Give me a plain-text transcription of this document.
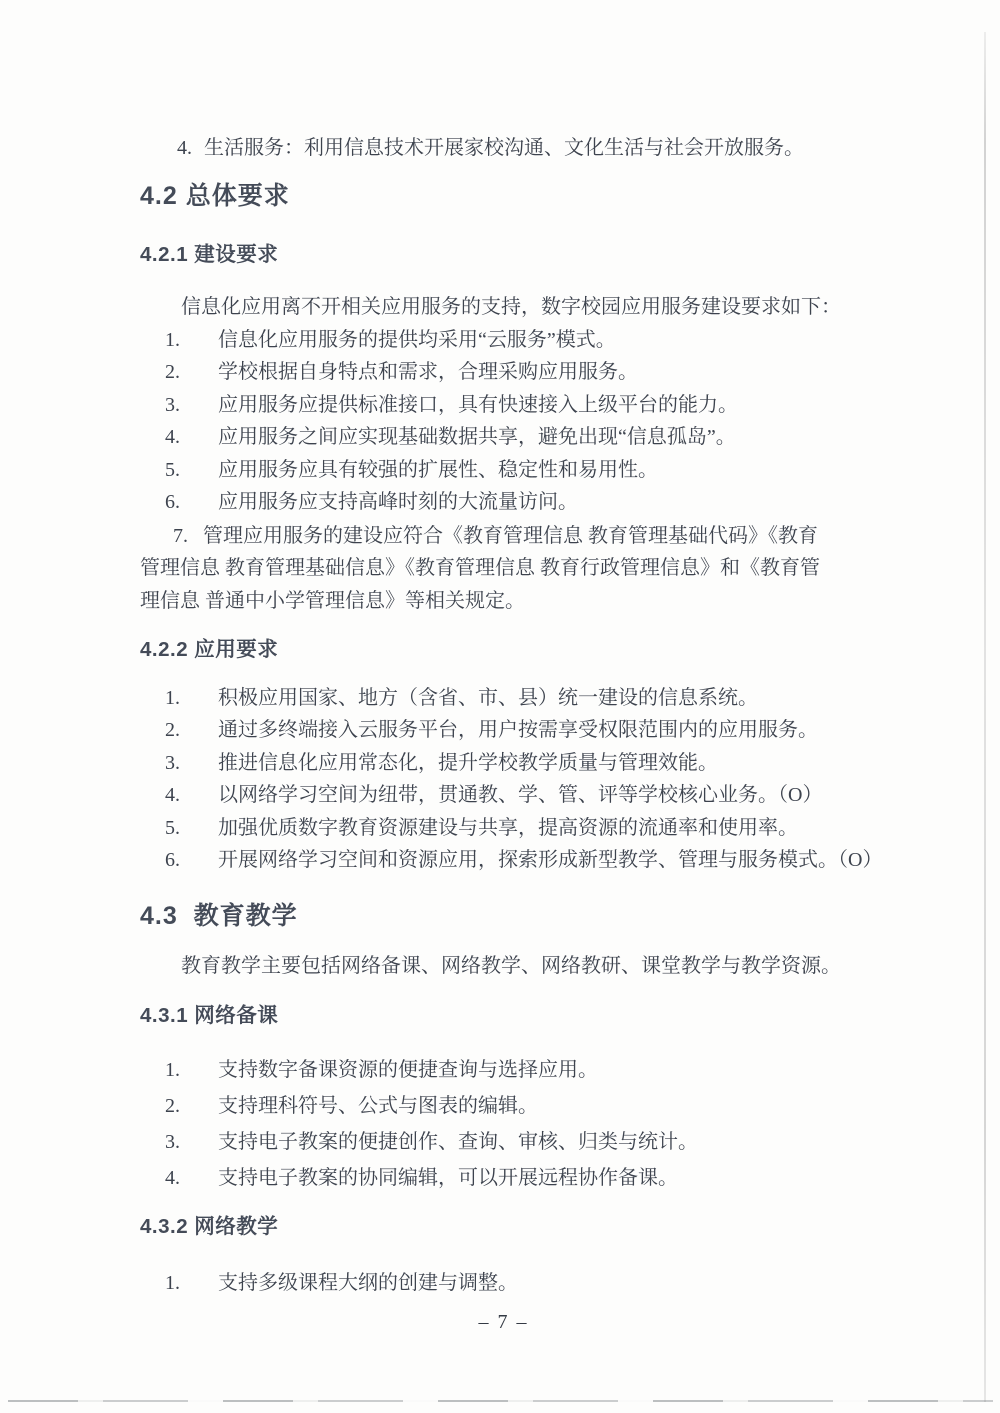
4. 生活服务：利用信息技术开展家校沟通、文化生活与社会开放服务。
4.2 总体要求
4.2.1 建设要求
信息化应用离不开相关应用服务的支持，数字校园应用服务建设要求如下：
1. 信息化应用服务的提供均采用“云服务”模式。
2. 学校根据自身特点和需求，合理采购应用服务。
3. 应用服务应提供标准接口，具有快速接入上级平台的能力。
4. 应用服务之间应实现基础数据共享，避免出现“信息孤岛”。
5. 应用服务应具有较强的扩展性、稳定性和易用性。
6. 应用服务应支持高峰时刻的大流量访问。
7. 管理应用服务的建设应符合《教育管理信息 教育管理基础代码》《教育
管理信息 教育管理基础信息》《教育管理信息 教育行政管理信息》和《教育管
理信息 普通中小学管理信息》等相关规定。
4.2.2 应用要求
1. 积极应用国家、地方（含省、市、县）统一建设的信息系统。
2. 通过多终端接入云服务平台，用户按需享受权限范围内的应用服务。
3. 推进信息化应用常态化，提升学校教学质量与管理效能。
4. 以网络学习空间为纽带，贯通教、学、管、评等学校核心业务。（O）
5. 加强优质数字教育资源建设与共享，提高资源的流通率和使用率。
6. 开展网络学习空间和资源应用，探索形成新型教学、管理与服务模式。（O）
4.3  教育教学
教育教学主要包括网络备课、网络教学、网络教研、课堂教学与教学资源。
4.3.1 网络备课
1. 支持数字备课资源的便捷查询与选择应用。
2. 支持理科符号、公式与图表的编辑。
3. 支持电子教案的便捷创作、查询、审核、归类与统计。
4. 支持电子教案的协同编辑，可以开展远程协作备课。
4.3.2 网络教学
1. 支持多级课程大纲的创建与调整。
– 7 –
